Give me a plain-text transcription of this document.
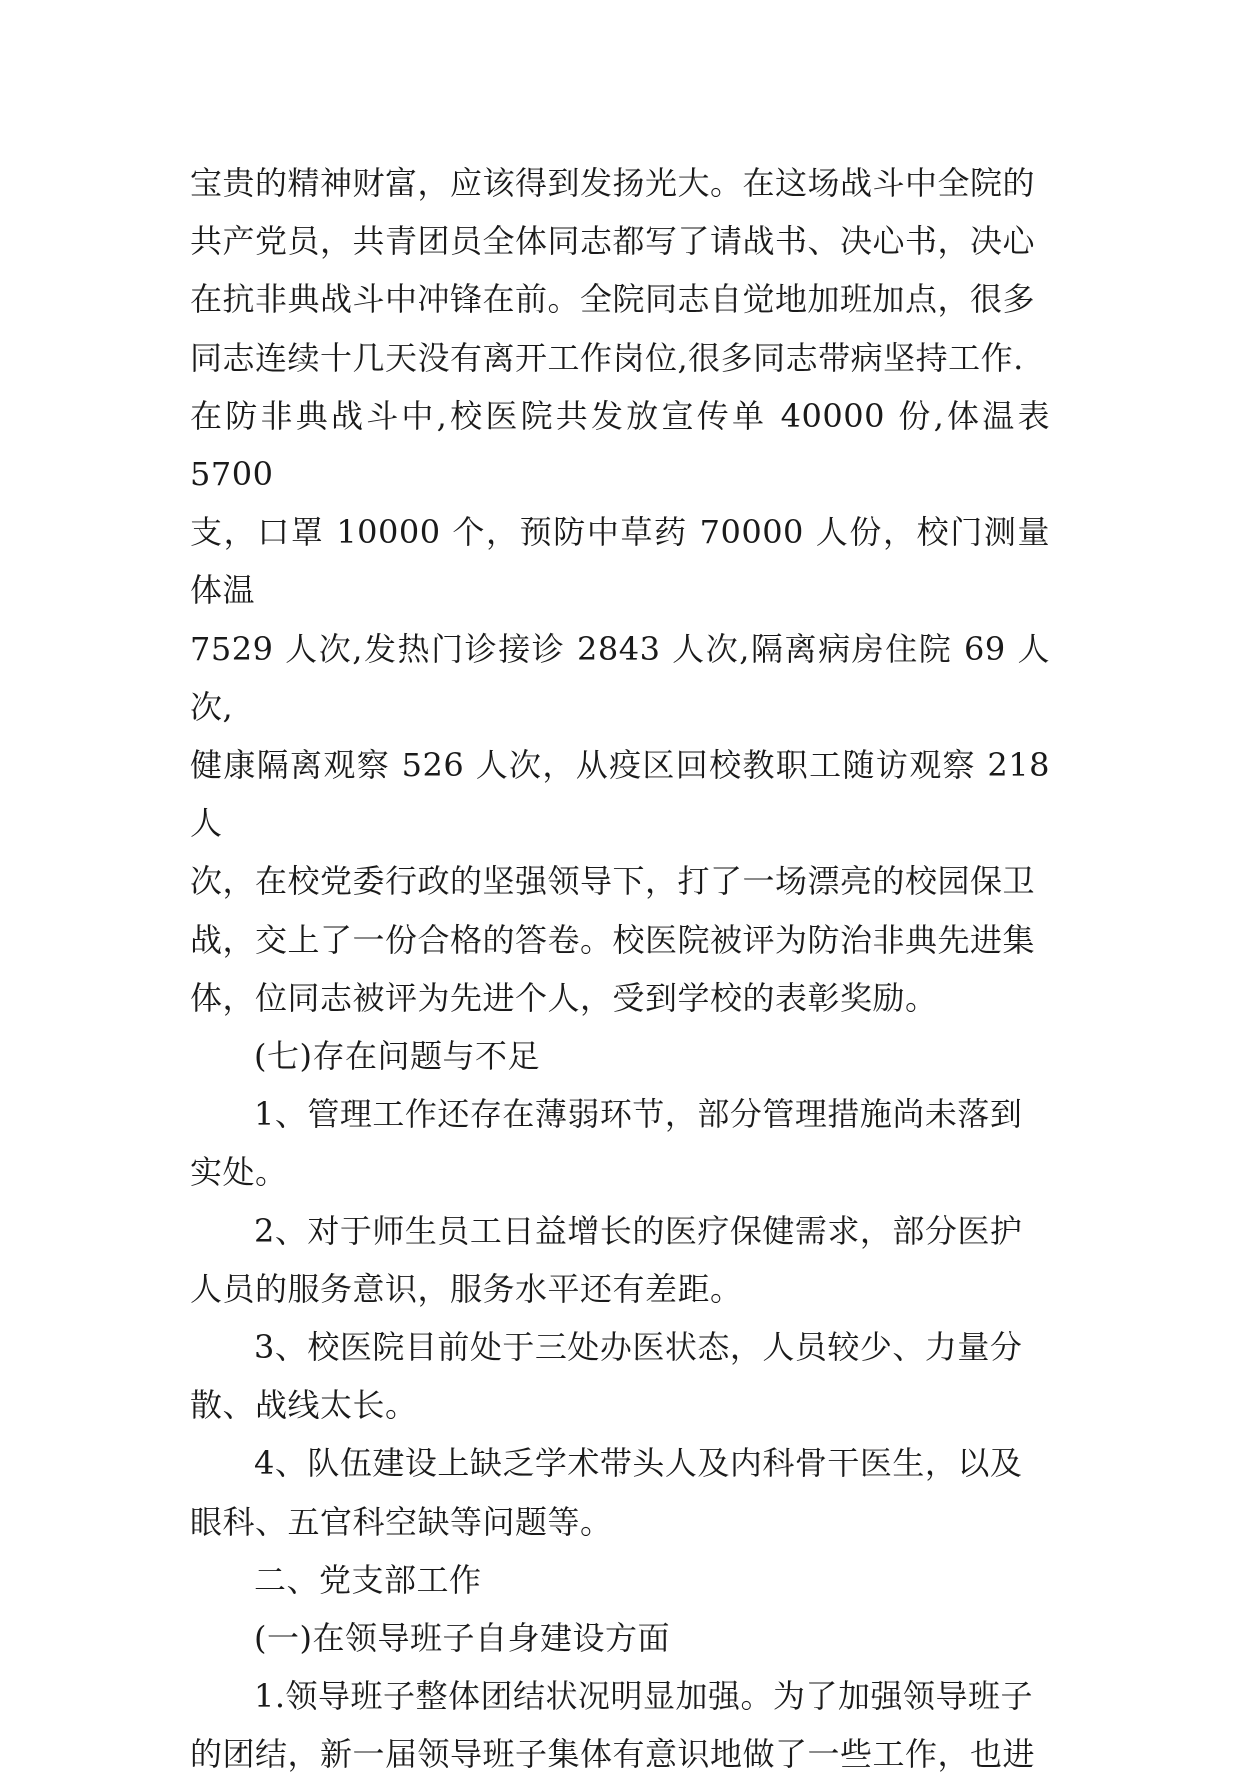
宝贵的精神财富，应该得到发扬光大。在这场战斗中全院的
共产党员，共青团员全体同志都写了请战书、决心书，决心
在抗非典战斗中冲锋在前。全院同志自觉地加班加点，很多
同志连续十几天没有离开工作岗位,很多同志带病坚持工作.
在防非典战斗中,校医院共发放宣传单 40000 份,体温表 5700
支，口罩 10000 个，预防中草药 70000 人份，校门测量体温
7529 人次,发热门诊接诊 2843 人次,隔离病房住院 69 人次,
健康隔离观察 526 人次，从疫区回校教职工随访观察 218 人
次，在校党委行政的坚强领导下，打了一场漂亮的校园保卫
战，交上了一份合格的答卷。校医院被评为防治非典先进集
体，位同志被评为先进个人，受到学校的表彰奖励。
(七)存在问题与不足
1、管理工作还存在薄弱环节，部分管理措施尚未落到
实处。
2、对于师生员工日益增长的医疗保健需求，部分医护
人员的服务意识，服务水平还有差距。
3、校医院目前处于三处办医状态，人员较少、力量分
散、战线太长。
4、队伍建设上缺乏学术带头人及内科骨干医生，以及
眼科、五官科空缺等问题等。
二、党支部工作
(一)在领导班子自身建设方面
1.领导班子整体团结状况明显加强。为了加强领导班子
的团结，新一届领导班子集体有意识地做了一些工作，也进
